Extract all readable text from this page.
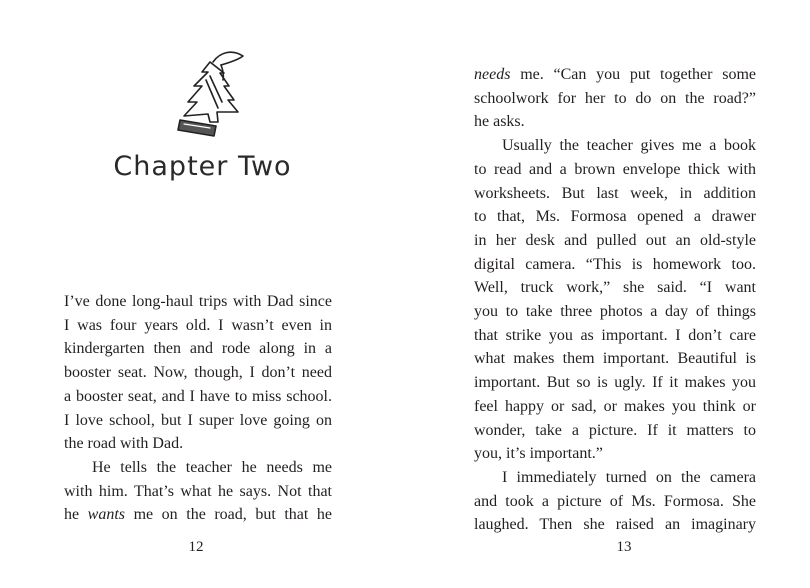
Chapter Two

I’ve done long-haul trips with Dad since
I was four years old. I wasn’t even in
kindergarten then and rode along in a
booster seat. Now, though, I don’t need
a booster seat, and I have to miss school.
I love school, but I super love going on
the road with Dad.

He tells the teacher he needs me
with him. That’s what he says. Not that
he wants me on the road, but that he

12

needs me. “Can you put together some
schoolwork for her to do on the road?”
he asks.

Usually the teacher gives me a book
to read and a brown envelope thick with
worksheets. But last week, in addition
to that, Ms. Formosa opened a drawer
in her desk and pulled out an old-style
digital camera. “This is homework too.
Well, truck work,” she said. “I want
you to take three photos a day of things
that strike you as important. I don’t care
what makes them important. Beautiful is
important. But so is ugly. If it makes you
feel happy or sad, or makes you think or
wonder, take a picture. If it matters to
you, it’s important.”

I immediately turned on the camera
and took a picture of Ms. Formosa. She
laughed. Then she raised an imaginary

13
